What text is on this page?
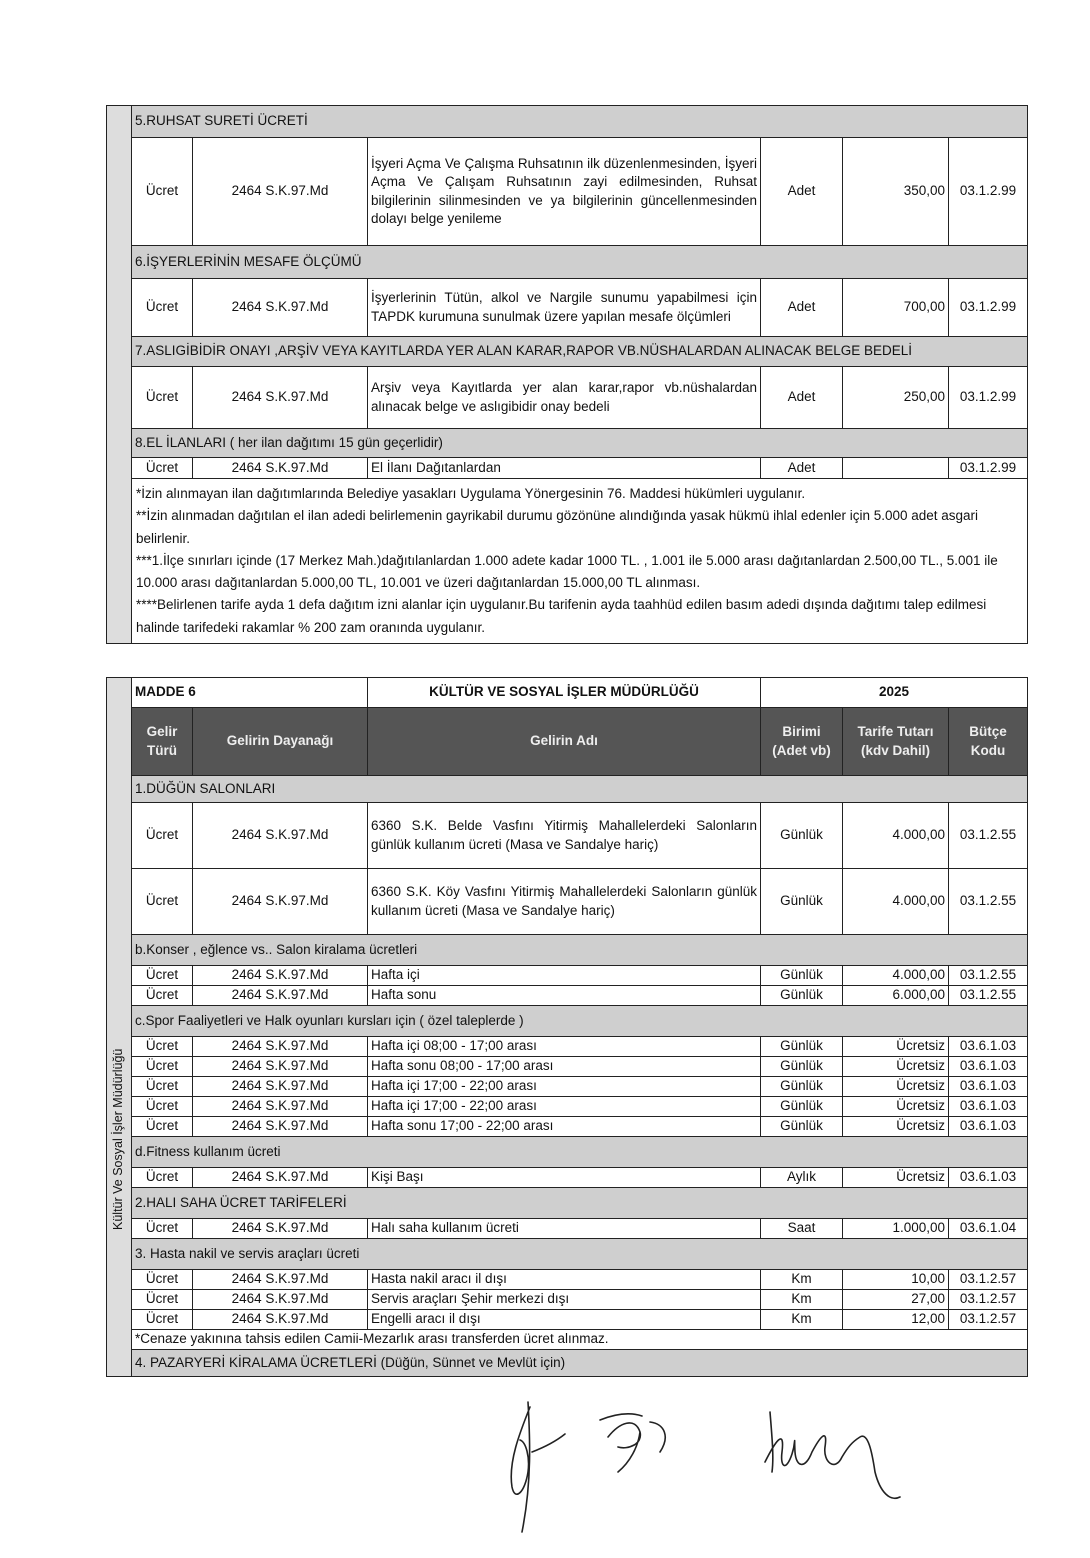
	5.RUHSAT SURETİ ÜCRETİ					
	Ücret	2464 S.K.97.Md	İşyeri Açma Ve Çalışma Ruhsatının ilk düzenlenmesinden, İşyeri Açma Ve Çalışam Ruhsatının zayi edilmesinden, Ruhsat bilgilerinin silinmesinden ve ya bilgilerinin güncellenmesinden dolayı belge yenileme	Adet	350,00	03.1.2.99
	6.İŞYERLERİNİN MESAFE ÖLÇÜMÜ					
	Ücret	2464 S.K.97.Md	İşyerlerinin Tütün, alkol ve Nargile sunumu yapabilmesi için TAPDK kurumuna sunulmak üzere yapılan mesafe ölçümleri	Adet	700,00	03.1.2.99
	7.ASLIGİBİDİR ONAYI ,ARŞİV VEYA KAYITLARDA YER ALAN KARAR,RAPOR VB.NÜSHALARDAN ALINACAK BELGE BEDELİ					
	Ücret	2464 S.K.97.Md	Arşiv veya Kayıtlarda yer alan karar,rapor vb.nüshalardan alınacak belge ve aslıgibidir onay bedeli	Adet	250,00	03.1.2.99
	8.EL İLANLARI ( her ilan dağıtımı 15 gün geçerlidir)					
	Ücret	2464 S.K.97.Md	El İlanı Dağıtanlardan	Adet		03.1.2.99

	*İzin alınmayan ilan dağıtımlarında Belediye yasakları Uygulama Yönergesinin 76. Maddesi hükümleri uygulanır.
**İzin alınmadan dağıtılan el ilan adedi belirlemenin gayrikabil durumu gözönüne alındığında yasak hükmü ihlal edenler için 5.000 adet asgari belirlenir.
***1.İlçe sınırları içinde (17 Merkez Mah.)dağıtılanlardan 1.000 adete kadar 1000 TL. , 1.001 ile 5.000 arası dağıtanlardan 2.500,00 TL., 5.001 ile 10.000 arası dağıtanlardan 5.000,00 TL, 10.001 ve üzeri dağıtanlardan 15.000,00 TL alınması.
****Belirlenen tarife ayda 1 defa dağıtım izni alanlar için uygulanır.Bu tarifenin ayda taahhüd edilen basım adedi dışında dağıtımı talep edilmesi halinde tarifedeki rakamlar % 200 zam oranında uygulanır.					
	MADDE 6		KÜLTÜR VE SOSYAL İŞLER MÜDÜRLÜĞÜ	2025		
	Gelir Türü	Gelirin Dayanağı	Gelirin Adı	Birimi (Adet vb)	Tarife Tutarı (kdv Dahil)	Bütçe Kodu
	1.DÜĞÜN SALONLARI					
	Ücret	2464 S.K.97.Md	6360 S.K. Belde Vasfını Yitirmiş Mahallelerdeki Salonların günlük kullanım ücreti (Masa ve Sandalye hariç)	Günlük	4.000,00	03.1.2.55
	Ücret	2464 S.K.97.Md	6360 S.K. Köy Vasfını Yitirmiş Mahallelerdeki Salonların günlük kullanım ücreti (Masa ve Sandalye hariç)	Günlük	4.000,00	03.1.2.55
	b.Konser , eğlence vs.. Salon kiralama ücretleri					
	Ücret	2464 S.K.97.Md	Hafta içi	Günlük	4.000,00	03.1.2.55
	Ücret	2464 S.K.97.Md	Hafta sonu	Günlük	6.000,00	03.1.2.55
	c.Spor Faaliyetleri ve Halk oyunları kursları için ( özel taleplerde )					
	Ücret	2464 S.K.97.Md	Hafta içi 08;00 - 17;00 arası	Günlük	Ücretsiz	03.6.1.03
	Ücret	2464 S.K.97.Md	Hafta sonu 08;00 - 17;00 arası	Günlük	Ücretsiz	03.6.1.03
	Ücret	2464 S.K.97.Md	Hafta içi 17;00 - 22;00 arası	Günlük	Ücretsiz	03.6.1.03
	Ücret	2464 S.K.97.Md	Hafta içi 17;00 - 22;00 arası	Günlük	Ücretsiz	03.6.1.03
	Ücret	2464 S.K.97.Md	Hafta sonu 17;00 - 22;00 arası	Günlük	Ücretsiz	03.6.1.03
	d.Fitness kullanım ücreti					
	Ücret	2464 S.K.97.Md	Kişi Başı	Aylık	Ücretsiz	03.6.1.03
	2.HALI SAHA ÜCRET TARİFELERİ					
	Ücret	2464 S.K.97.Md	Halı saha kullanım ücreti	Saat	1.000,00	03.6.1.04
	3. Hasta nakil ve servis araçları ücreti					
	Ücret	2464 S.K.97.Md	Hasta nakil aracı il dışı	Km	10,00	03.1.2.57
	Ücret	2464 S.K.97.Md	Servis araçları Şehir merkezi dışı	Km	27,00	03.1.2.57
	Ücret	2464 S.K.97.Md	Engelli aracı il dışı	Km	12,00	03.1.2.57
	*Cenaze yakınına tahsis edilen Camii-Mezarlık arası transferden ücret alınmaz.					
	4. PAZARYERİ KİRALAMA ÜCRETLERİ (Düğün, Sünnet ve Mevlüt için)					
Kültür Ve Sosyal İşler Müdürlüğü
